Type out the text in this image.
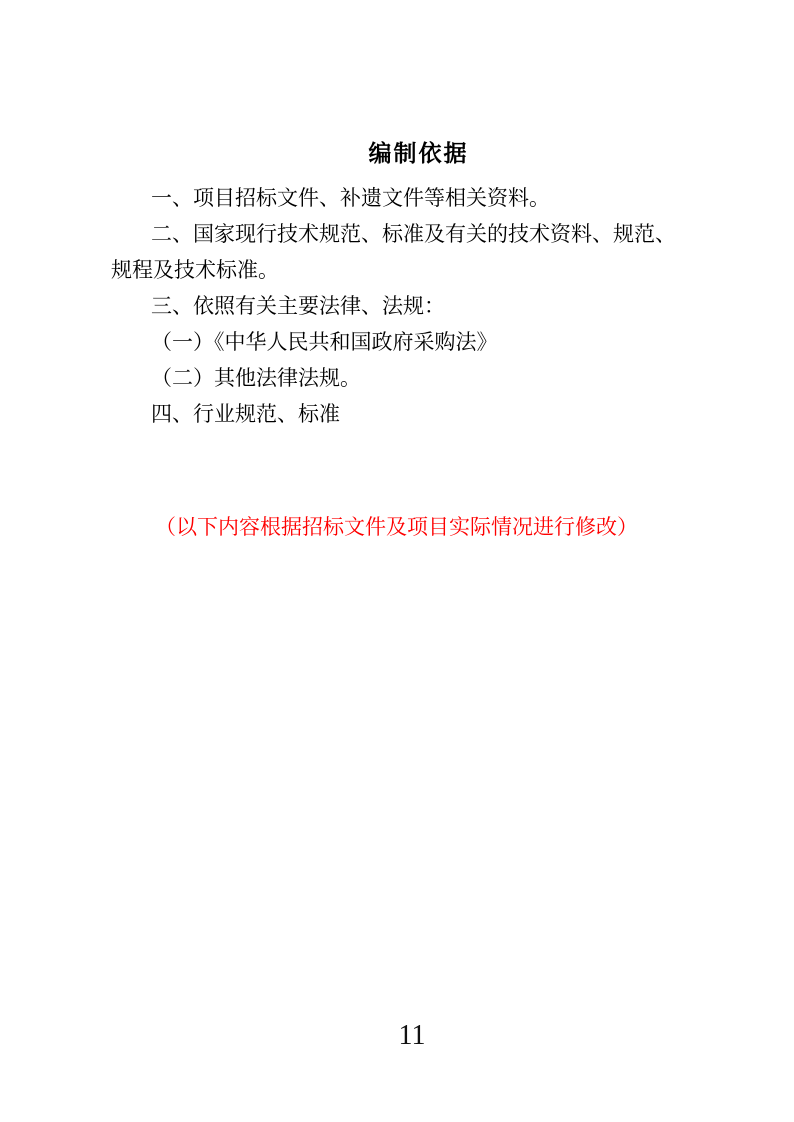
编制依据
一、项目招标文件、补遗文件等相关资料。
二、国家现行技术规范、标准及有关的技术资料、规范、
规程及技术标准。
三、依照有关主要法律、法规：
（一）《中华人民共和国政府采购法》
（二）其他法律法规。
四、行业规范、标准
（以下内容根据招标文件及项目实际情况进行修改）
11
